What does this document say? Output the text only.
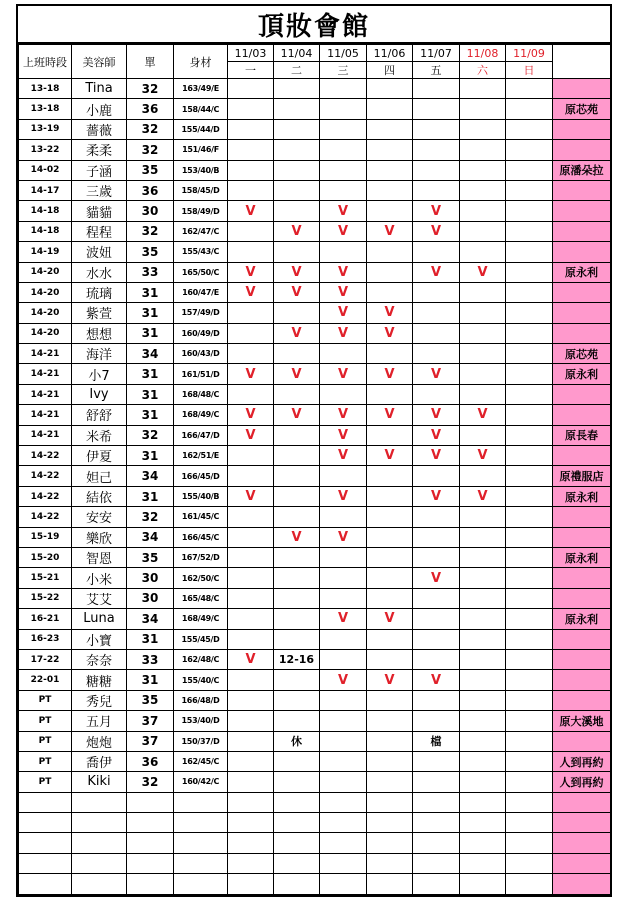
頂妝會館
上班時段	美容師	單	身材	11/03	11/04	11/05	11/06	11/07	11/08	11/09	
				一	二	三	四	五	六	日	
13-18	Tina	32	163/49/E								
13-18	小鹿	36	158/44/C								原芯苑
13-19	薔薇	32	155/44/D								
13-22	柔柔	32	151/46/F								
14-02	子涵	35	153/40/B								原潘朵拉
14-17	三歲	36	158/45/D								
14-18	貓貓	30	158/49/D	V		V		V			
14-18	程程	32	162/47/C		V	V	V	V			
14-19	波妞	35	155/43/C								
14-20	水水	33	165/50/C	V	V	V		V	V		原永利
14-20	琉璃	31	160/47/E	V	V	V					
14-20	紫萱	31	157/49/D			V	V				
14-20	想想	31	160/49/D		V	V	V				
14-21	海洋	34	160/43/D								原芯苑
14-21	小7	31	161/51/D	V	V	V	V	V			原永利
14-21	Ivy	31	168/48/C								
14-21	舒舒	31	168/49/C	V	V	V	V	V	V		
14-21	米希	32	166/47/D	V		V		V			原長春
14-22	伊夏	31	162/51/E			V	V	V	V		
14-22	妲己	34	166/45/D								原禮服店
14-22	結依	31	155/40/B	V		V		V	V		原永利
14-22	安安	32	161/45/C								
15-19	樂欣	34	166/45/C		V	V					
15-20	智恩	35	167/52/D								原永利
15-21	小米	30	162/50/C					V			
15-22	艾艾	30	165/48/C								
16-21	Luna	34	168/49/C			V	V				原永利
16-23	小寶	31	155/45/D								
17-22	奈奈	33	162/48/C	V	12-16						
22-01	糖糖	31	155/40/C			V	V	V			
PT	秀兒	35	166/48/D								
PT	五月	37	153/40/D								原大溪地
PT	炮炮	37	150/37/D		休			檔			
PT	喬伊	36	162/45/C								人到再約
PT	Kiki	32	160/42/C								人到再約
